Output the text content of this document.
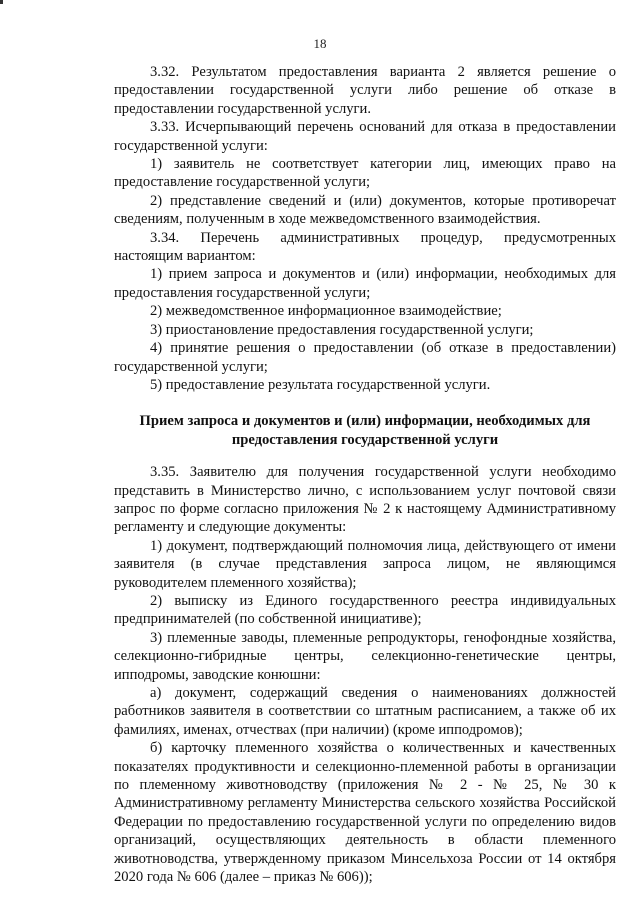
18

3.32. Результатом предоставления варианта 2 является решение о предоставлении государственной услуги либо решение об отказе в предоставлении государственной услуги.

3.33. Исчерпывающий перечень оснований для отказа в предоставлении государственной услуги:

1) заявитель не соответствует категории лиц, имеющих право на предоставление государственной услуги;

2) представление сведений и (или) документов, которые противоречат сведениям, полученным в ходе межведомственного взаимодействия.

3.34. Перечень административных процедур, предусмотренных настоящим вариантом:

1) прием запроса и документов и (или) информации, необходимых для предоставления государственной услуги;

2) межведомственное информационное взаимодействие;

3) приостановление предоставления государственной услуги;

4) принятие решения о предоставлении (об отказе в предоставлении) государственной услуги;

5) предоставление результата государственной услуги.

Прием запроса и документов и (или) информации, необходимых для предоставления государственной услуги

3.35. Заявителю для получения государственной услуги необходимо представить в Министерство лично, с использованием услуг почтовой связи запрос по форме согласно приложения № 2 к настоящему Административному регламенту и следующие документы:

1) документ, подтверждающий полномочия лица, действующего от имени заявителя (в случае представления запроса лицом, не являющимся руководителем племенного хозяйства);

2) выписку из Единого государственного реестра индивидуальных предпринимателей (по собственной инициативе);

3) племенные заводы, племенные репродукторы, генофондные хозяйства, селекционно-гибридные центры, селекционно-генетические центры, ипподромы, заводские конюшни:

а) документ, содержащий сведения о наименованиях должностей работников заявителя в соответствии со штатным расписанием, а также об их фамилиях, именах, отчествах (при наличии) (кроме ипподромов);

б) карточку племенного хозяйства о количественных и качественных показателях продуктивности и селекционно-племенной работы в организации по племенному животноводству (приложения № 2 - № 25, № 30 к Административному регламенту Министерства сельского хозяйства Российской Федерации по предоставлению государственной услуги по определению видов организаций, осуществляющих деятельность в области племенного животноводства, утвержденному приказом Минсельхоза России от 14 октября 2020 года № 606 (далее – приказ № 606));
